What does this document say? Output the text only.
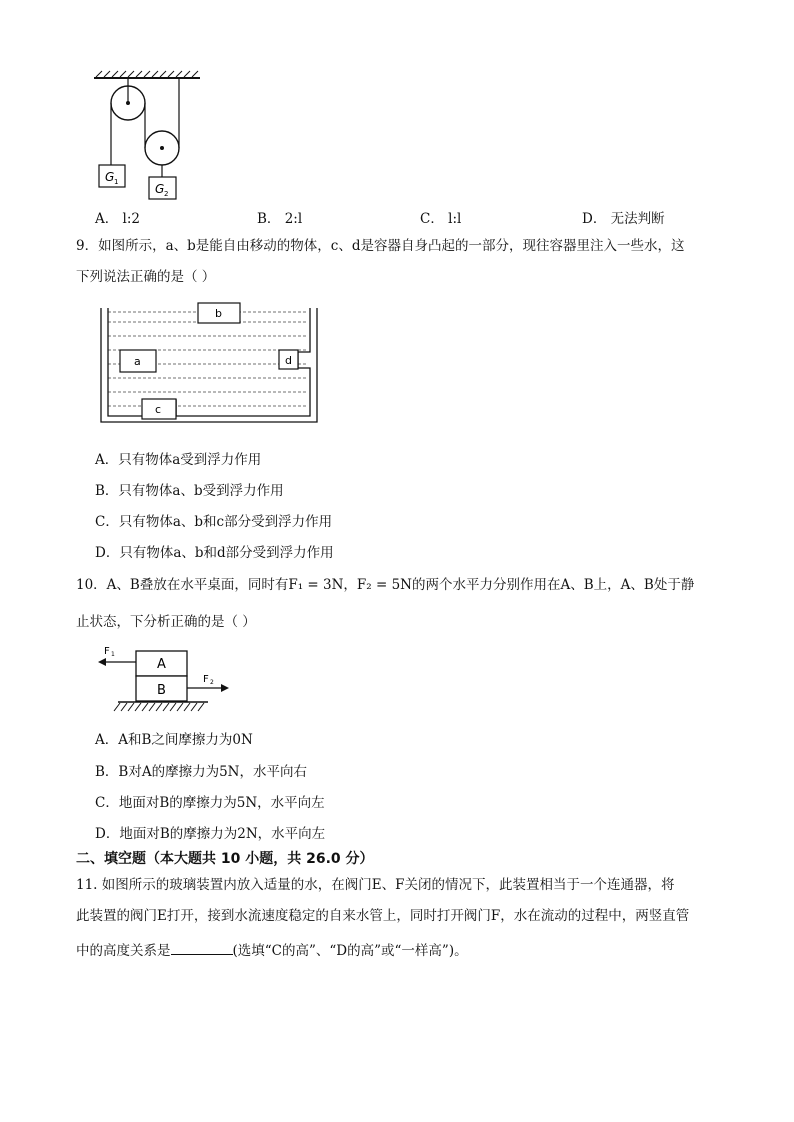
G 1	G 2
A． l:2	B． 2:l	C． l:l	D． 无法判断
9．如图所示，a、b是能自由移动的物体，c、d是容器自身凸起的一部分，现往容器里注入一些水，这
下列说法正确的是（ ）
b
a
c
d
A．只有物体a受到浮力作用
B．只有物体a、b受到浮力作用
C．只有物体a、b和c部分受到浮力作用
D．只有物体a、b和d部分受到浮力作用
10．A、B叠放在水平桌面，同时有F₁ = 3N，F₂ = 5N的两个水平力分别作用在A、B上，A、B处于静
止状态，下分析正确的是（ ）
F 1
A
B
F 2
A．A和B之间摩擦力为0N
B．B对A的摩擦力为5N，水平向右
C．地面对B的摩擦力为5N，水平向左
D．地面对B的摩擦力为2N，水平向左
二、填空题（本大题共 10 小题，共 26.0 分）
11. 如图所示的玻璃装置内放入适量的水，在阀门E、F关闭的情况下，此装置相当于一个连通器，将
此装置的阀门E打开，接到水流速度稳定的自来水管上，同时打开阀门F，水在流动的过程中，两竖直管
中的高度关系是	(选填“C的高”、“D的高”或“一样高”)。
